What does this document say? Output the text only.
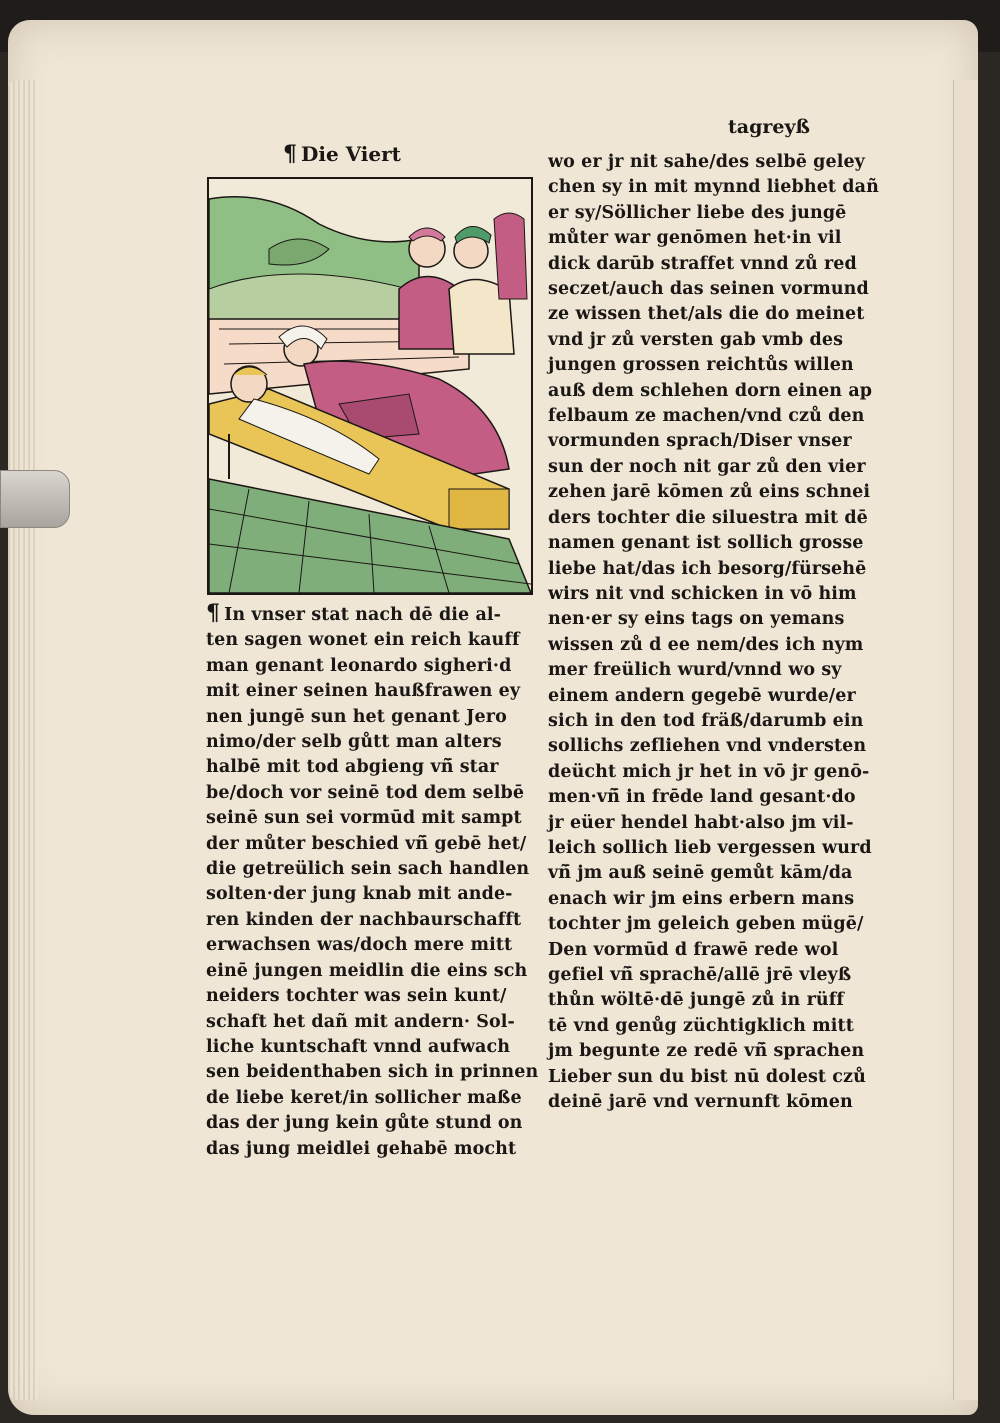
¶ Die Viert
tagreyß
¶ In vnser stat nach dē die al-
ten sagen wonet ein reich kauff
man genant leonardo sigheri·d
mit einer seinen haußfrawen ey
nen jungē sun het genant Jero
nimo/der selb gůtt man alters
halbē mit tod abgieng vñ̄ star
be/doch vor seinē tod dem selbē
seinē sun sei vormūd mit sampt
der můter beschied vñ̄ gebē het/
die getreülich sein sach handlen
solten·der jung knab mit ande-
ren kinden der nachbaurschafft
erwachsen was/doch mere mitt
einē jungen meidlin die eins sch
neiders tochter was sein kunt/
schaft het dañ mit andern· Sol-
liche kuntschaft vnnd aufwach
sen beidenthaben sich in prinnen
de liebe keret/in sollicher maße
das der jung kein gůte stund on
das jung meidlei gehabē mocht
wo er jr nit sahe/des selbē geley
chen sy in mit mynnd liebhet dañ
er sy/Söllicher liebe des jungē
můter war genōmen het·in vil
dick darūb straffet vnnd zů red
seczet/auch das seinen vormund
ze wissen thet/als die do meinet
vnd jr zů versten gab vmb des
jungen grossen reichtůs willen
auß dem schlehen dorn einen ap
felbaum ze machen/vnd czů den
vormunden sprach/Diser vnser
sun der noch nit gar zů den vier
zehen jarē kōmen zů eins schnei
ders tochter die siluestra mit dē
namen genant ist sollich grosse
liebe hat/das ich besorg/fürsehē
wirs nit vnd schicken in vō him
nen·er sy eins tags on yemans
wissen zů d ee nem/des ich nym
mer freülich wurd/vnnd wo sy
einem andern gegebē wurde/er
sich in den tod fräß/darumb ein
sollichs zefliehen vnd vndersten
deücht mich jr het in vō jr genō-
men·vñ̄ in frēde land gesant·do
jr eüer hendel habt·also jm vil-
leich sollich lieb vergessen wurd
vñ̄ jm auß seinē gemůt kām/da
enach wir jm eins erbern mans
tochter jm geleich geben mügē/
Den vormūd d frawē rede wol
gefiel vñ̄ sprachē/allē jrē vleyß
thůn wöltē·dē jungē zů in rüff
tē vnd genůg züchtigklich mitt
jm begunte ze redē vñ̄ sprachen
Lieber sun du bist nū dolest czů
deinē jarē vnd vernunft kōmen
